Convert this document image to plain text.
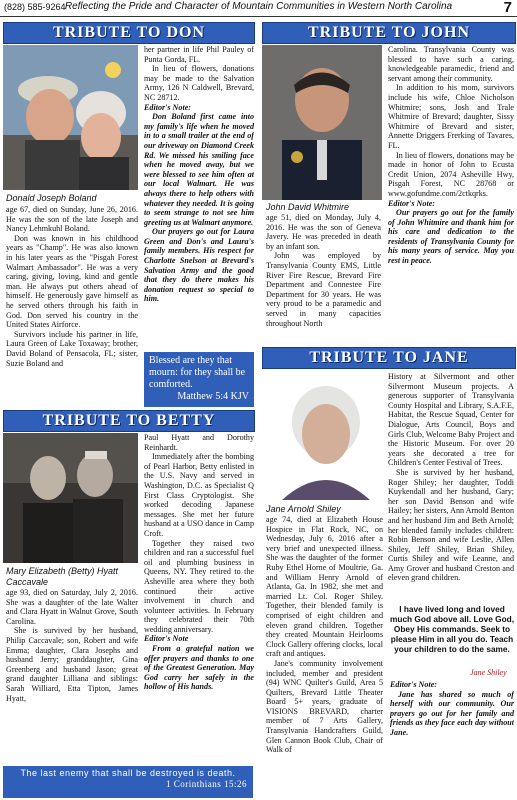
(828) 585-9264 Reflecting the Pride and Character of Mountain Communities in Western North Carolina	7
TRIBUTE TO DON
Donald Joseph Boland

age 67, died on Sunday, June 26, 2016. He was the son of the late Joseph and Nancy Lehmkuhl Boland.

Don was known in his childhood years as "Champ". He was also known in his later years as the "Pisgah Forest Walmart Ambassador". He was a very caring, giving, loving, kind and gentle man. He always put others ahead of himself. He generously gave himself as he served others through his faith in God. Don served his country in the United States Airforce.

Survivors include his partner in life, Laura Green of Lake Toxaway; brother, David Boland of Pensacola, FL; sister, Suzie Boland and

her partner in life Phil Pauley of Punta Gorda, FL.

In lieu of flowers, donations may be made to the Salvation Army, 126 N Caldwell, Brevard, NC 28712.

Editor's Note:

Don Boland first came into my family's life when he moved in to a small trailer at the end of our driveway on Diamond Creek Rd. We missed his smiling face when he moved away, but we were blessed to see him often at our local Walmart. He was always there to help others with whatever they needed. It is going to seem strange to not see him greeting us at Walmart anymore.

Our prayers go out for Laura Green and Don's and Laura's family members. His respect for Charlotte Snelson at Brevard's Salvation Army and the good that they do there makes his donation request so special to him.

Blessed are they that mourn: for they shall be comforted.
Matthew 5:4 KJV
TRIBUTE TO JOHN
John David Whitmire

age 51, died on Monday, July 4, 2016. He was the son of Geneva Javery. He was preceded in death by an infant son.

John was employed by Transylvania County EMS, Little River Fire Rescue, Brevard Fire Department and Connestee Fire Department for 30 years. He was very proud to be a paramedic and served in many capacities throughout North

Carolina. Transylvania County was blessed to have such a caring, knowledgeable paramedic, friend and servant among their community.

In addition to his mom, survivors include his wife, Chloe Nicholson Whitmire; sons, Josh and Trale Whitmire of Brevard; daughter, Sissy Whitmire of Brevard and sister, Annette Driggers Frerking of Tavares, FL.

In lieu of flowers, donations may be made in honor of John to Ecusta Credit Union, 2074 Asheville Hwy, Pisgah Forest, NC 28768 or www.gofundme.com/2ctkqrks.

Editor's Note:

Our prayers go out for the family of John Whitmire and thank him for his care and dedication to the residents of Transylvania County for his many years of service. May you rest in peace.

TRIBUTE TO JANE
Jane Arnold Shiley

age 74, died at Elizabeth House Hospice in Flat Rock, NC, on Wednesday, July 6, 2016 after a very brief and unexpected illness. She was the daughter of the former Ruby Ethel Horne of Moultrie, Ga. and William Henry Arnold of Atlanta, Ga. In 1982, she met and married Lt. Col. Roger Shiley. Together, their blended family is comprised of eight children and eleven grand children. Together they created Mountain Heirlooms Clock Gallery offering clocks, local craft and antiques.

Jane's community involvement included, member and president (94) WNC Quilter's Guild, Area 5 Quilters, Brevard Little Theater Board 5+ years, graduate of VISIONS BREVARD, charter member of 7 Arts Gallery, Transylvania Handcrafters Guild, Glen Cannon Book Club, Chair of Walk of

History at Silvermont and other Silvermont Museum projects. A generous supporter of Transylvania County Hospital and Library, S.A.F.E, Habitat, the Rescue Squad, Center for Dialogue, Arts Council, Boys and Girls Club, Welcome Baby Project and the Historic Museum. For over 20 years she decorated a tree for Children's Center Festival of Trees.

She is survived by her husband, Roger Shiley; her daughter, Toddi Kuykendall and her husband, Gary; her son David Benson and wife Hailey; her sisters, Ann Arnold Benton and her husband Jim and Beth Arnold; her blended family includes children: Robin Benson and wife Leslie, Allen Shiley, Jeff Shiley, Brian Shiley, Curtis Shiley and wife Leanne, and Amy Grover and husband Creston and eleven grand children.

I have lived long and loved much God above all. Love God, Obey His commands. Seek to please Him in all you do. Teach your children to do the same.
Jane Shiley

Editor's Note:

Jane has shared so much of herself with our community. Our prayers go out for her family and friends as they face each day without Jane.

TRIBUTE TO BETTY
Mary Elizabeth (Betty) Hyatt Caccavale

age 93, died on Saturday, July 2, 2016. She was a daughter of the late Walter and Clara Hyatt in Walnut Grove, South Carolina.

She is survived by her husband, Philip Caccavale; son, Robert and wife Emma; daughter, Clara Josephs and husband Jerry; granddaughter, Gina Greenberg and husband Jason; great grand daughter Lilliana and siblings: Sarah Williard, Etta Tipton, James Hyatt,

Paul Hyatt and Dorothy Reinhardt.

Immediately after the bombing of Pearl Harbor, Betty enlisted in the U.S. Navy and served in Washington, D.C. as Specialist Q First Class Cryptologist. She worked decoding Japanese messages. She met her future husband at a USO dance in Camp Croft.

Together they raised two children and ran a successful fuel oil and plumbing business in Queens, NY. They retired to the Asheville area where they both continued their active involvement in church and volunteer activities. In February they celebrated their 70th wedding anniversary.

Editor's Note

From a grateful nation we offer prayers and thanks to one of the Greatest Generation. May God carry her safely in the hollow of His hands.

The last enemy that shall be destroyed is death.
1 Corinthians 15:26
